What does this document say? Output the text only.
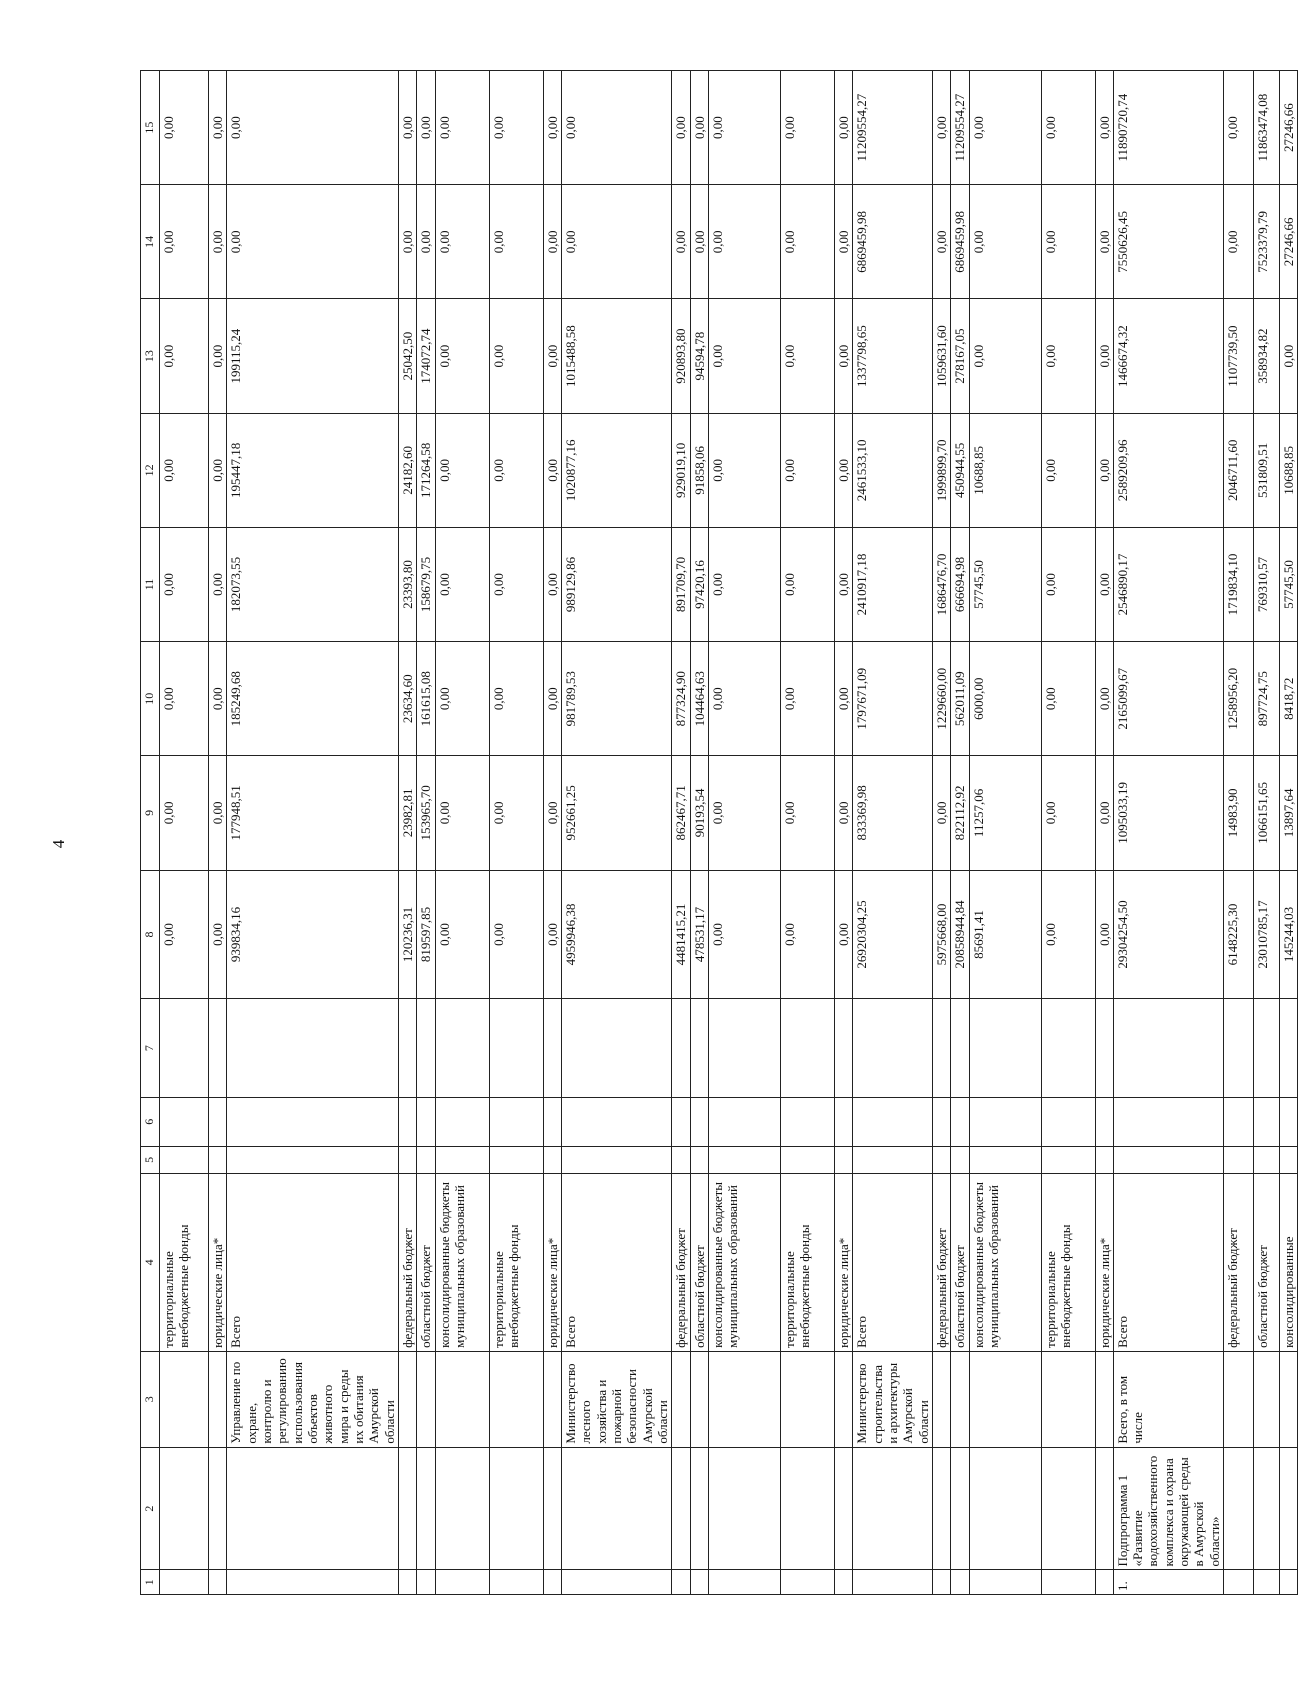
4
1	2	3	4	5	6	7	8	9	10	11	12	13	14	15
			территориальные внебюджетные фонды				0,00	0,00	0,00	0,00	0,00	0,00	0,00	0,00
			юридические лица*				0,00	0,00	0,00	0,00	0,00	0,00	0,00	0,00
		Управление по охране, контролю и регулированию использования объектов животного мира и среды их обитания Амурской области	Всего				939834,16	177948,51	185249,68	182073,55	195447,18	199115,24	0,00	0,00
			федеральный бюджет				120236,31	23982,81	23634,60	23393,80	24182,60	25042,50	0,00	0,00
			областной бюджет				819597,85	153965,70	161615,08	158679,75	171264,58	174072,74	0,00	0,00
			консолидированные бюджеты муниципальных образований				0,00	0,00	0,00	0,00	0,00	0,00	0,00	0,00
			территориальные внебюджетные фонды				0,00	0,00	0,00	0,00	0,00	0,00	0,00	0,00
			юридические лица*				0,00	0,00	0,00	0,00	0,00	0,00	0,00	0,00
		Министерство лесного хозяйства и пожарной безопасности Амурской области	Всего				4959946,38	952661,25	981789,53	989129,86	1020877,16	1015488,58	0,00	0,00
			федеральный бюджет				4481415,21	862467,71	877324,90	891709,70	929019,10	920893,80	0,00	0,00
			областной бюджет				478531,17	90193,54	104464,63	97420,16	91858,06	94594,78	0,00	0,00
			консолидированные бюджеты муниципальных образований				0,00	0,00	0,00	0,00	0,00	0,00	0,00	0,00
			территориальные внебюджетные фонды				0,00	0,00	0,00	0,00	0,00	0,00	0,00	0,00
			юридические лица*				0,00	0,00	0,00	0,00	0,00	0,00	0,00	0,00
		Министерство строительства и архитектуры Амурской области	Всего				26920304,25	833369,98	1797671,09	2410917,18	2461533,10	1337798,65	6869459,98	11209554,27
			федеральный бюджет				5975668,00	0,00	1229660,00	1686476,70	1999899,70	1059631,60	0,00	0,00
			областной бюджет				20858944,84	822112,92	562011,09	666694,98	450944,55	278167,05	6869459,98	11209554,27
			консолидированные бюджеты муниципальных образований				85691,41	11257,06	6000,00	57745,50	10688,85	0,00	0,00	0,00
			территориальные внебюджетные фонды				0,00	0,00	0,00	0,00	0,00	0,00	0,00	0,00
			юридические лица*				0,00	0,00	0,00	0,00	0,00	0,00	0,00	0,00
1.	Подпрограмма 1 «Развитие водохозяйственного комплекса и охрана окружающей среды в Амурской области»	Всего, в том числе	Всего				29304254,50	1095033,19	2165099,67	2546890,17	2589209,96	1466674,32	7550626,45	11890720,74
			федеральный бюджет				6148225,30	14983,90	1258956,20	1719834,10	2046711,60	1107739,50	0,00	0,00
			областной бюджет				23010785,17	1066151,65	897724,75	769310,57	531809,51	358934,82	7523379,79	11863474,08
			консолидированные				145244,03	13897,64	8418,72	57745,50	10688,85	0,00	27246,66	27246,66
